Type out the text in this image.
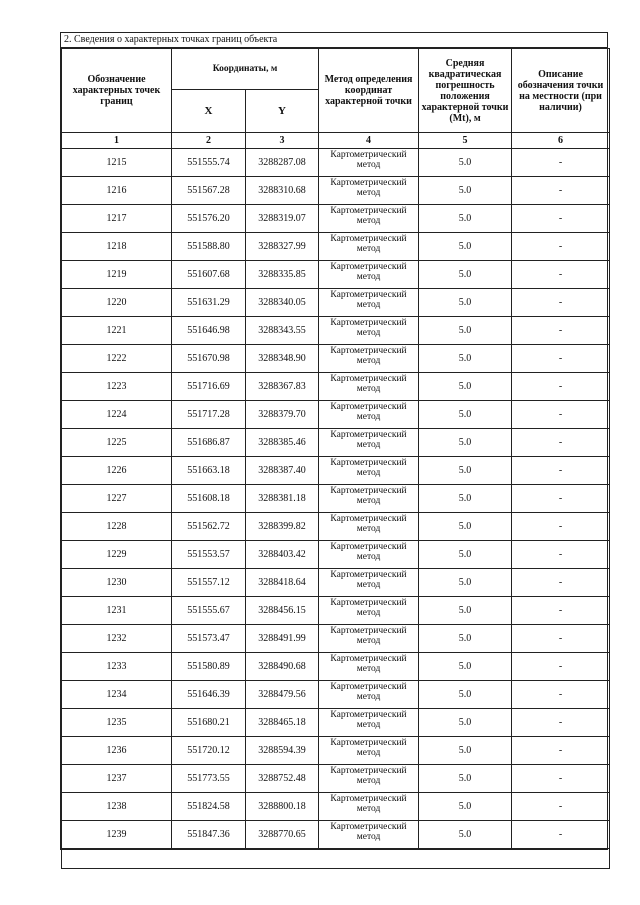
2. Сведения о характерных точках границ объекта
Обозначение характерных точек границ	Координаты, м		Метод определения координат характерной точки	Средняя квадратическая погрешность положения характерной точки (Mt), м	Описание обозначения точки на местности (при наличии)
	X	Y			
1	2	3	4	5	6
1215	551555.74	3288287.08	Картометрический
метод	5.0	-
1216	551567.28	3288310.68	Картометрический
метод	5.0	-
1217	551576.20	3288319.07	Картометрический
метод	5.0	-
1218	551588.80	3288327.99	Картометрический
метод	5.0	-
1219	551607.68	3288335.85	Картометрический
метод	5.0	-
1220	551631.29	3288340.05	Картометрический
метод	5.0	-
1221	551646.98	3288343.55	Картометрический
метод	5.0	-
1222	551670.98	3288348.90	Картометрический
метод	5.0	-
1223	551716.69	3288367.83	Картометрический
метод	5.0	-
1224	551717.28	3288379.70	Картометрический
метод	5.0	-
1225	551686.87	3288385.46	Картометрический
метод	5.0	-
1226	551663.18	3288387.40	Картометрический
метод	5.0	-
1227	551608.18	3288381.18	Картометрический
метод	5.0	-
1228	551562.72	3288399.82	Картометрический
метод	5.0	-
1229	551553.57	3288403.42	Картометрический
метод	5.0	-
1230	551557.12	3288418.64	Картометрический
метод	5.0	-
1231	551555.67	3288456.15	Картометрический
метод	5.0	-
1232	551573.47	3288491.99	Картометрический
метод	5.0	-
1233	551580.89	3288490.68	Картометрический
метод	5.0	-
1234	551646.39	3288479.56	Картометрический
метод	5.0	-
1235	551680.21	3288465.18	Картометрический
метод	5.0	-
1236	551720.12	3288594.39	Картометрический
метод	5.0	-
1237	551773.55	3288752.48	Картометрический
метод	5.0	-
1238	551824.58	3288800.18	Картометрический
метод	5.0	-
1239	551847.36	3288770.65	Картометрический
метод	5.0	-
